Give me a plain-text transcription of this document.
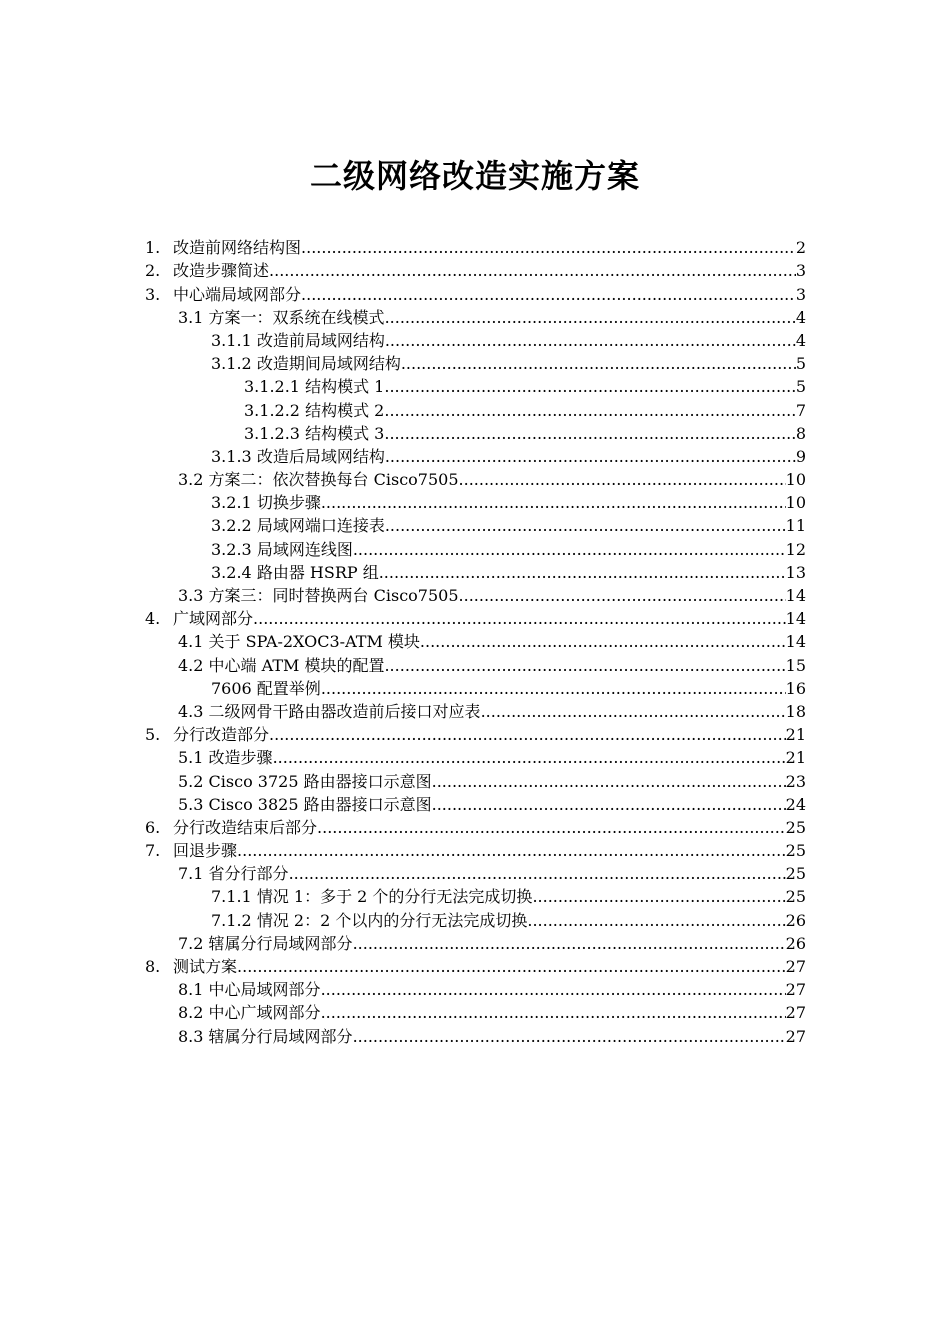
二级网络改造实施方案
1. 改造前网络结构图 .....	2
2. 改造步骤简述 .....	3
3. 中心端局域网部分 .....	3
3.1 方案一：双系统在线模式 .....	4
3.1.1 改造前局域网结构 .....	4
3.1.2 改造期间局域网结构 .....	5
3.1.2.1 结构模式 1 .....	5
3.1.2.2 结构模式 2 .....	7
3.1.2.3 结构模式 3 .....	8
3.1.3 改造后局域网结构 .....	9
3.2 方案二：依次替换每台 Cisco7505 .....	10
3.2.1 切换步骤 .....	10
3.2.2 局域网端口连接表 .....	11
3.2.3 局域网连线图 .....	12
3.2.4 路由器 HSRP 组 .....	13
3.3 方案三：同时替换两台 Cisco7505 .....	14
4. 广域网部分 .....	14
4.1 关于 SPA-2XOC3-ATM 模块 .....	14
4.2 中心端 ATM 模块的配置 .....	15
7606 配置举例 .....	16
4.3 二级网骨干路由器改造前后接口对应表 .....	18
5. 分行改造部分 .....	21
5.1 改造步骤 .....	21
5.2 Cisco 3725 路由器接口示意图 .....	23
5.3 Cisco 3825 路由器接口示意图 .....	24
6. 分行改造结束后部分 .....	25
7. 回退步骤 .....	25
7.1 省分行部分 .....	25
7.1.1 情况 1：多于 2 个的分行无法完成切换 .....	25
7.1.2 情况 2：2 个以内的分行无法完成切换 .....	26
7.2 辖属分行局域网部分 .....	26
8. 测试方案 .....	27
8.1 中心局域网部分 .....	27
8.2 中心广域网部分 .....	27
8.3 辖属分行局域网部分 .....	27
